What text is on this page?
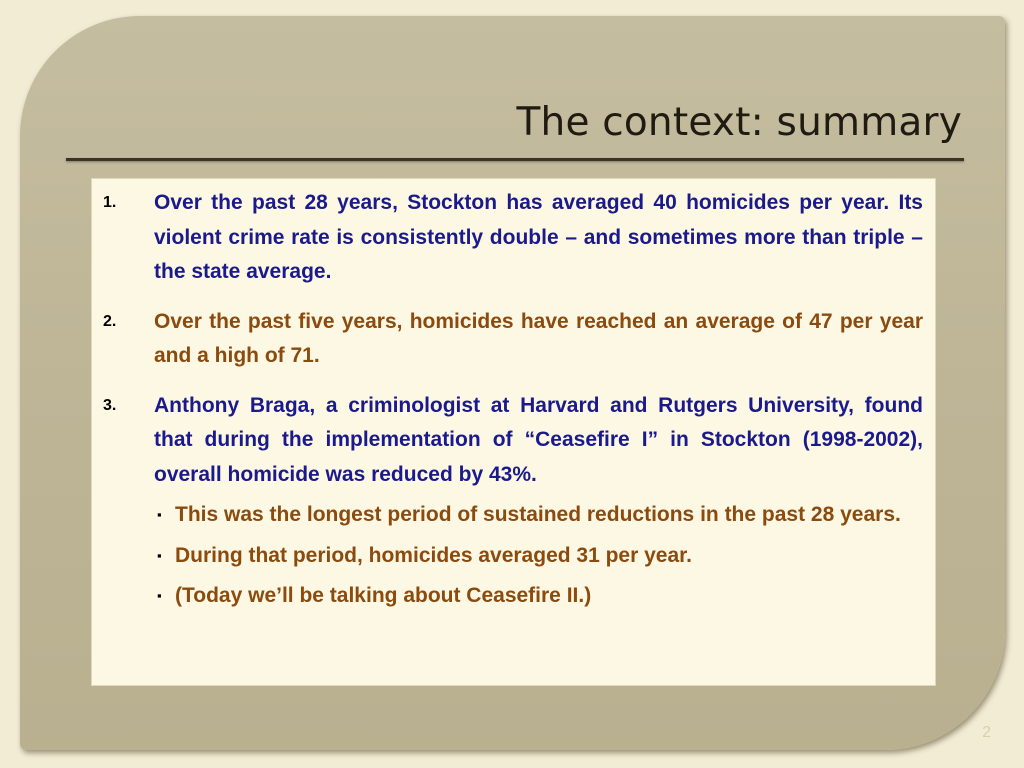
2
The context: summary
1. Over the past 28 years, Stockton has averaged 40 homicides per year. Its violent crime rate is consistently double – and sometimes more than triple – the state average.
2. Over the past five years, homicides have reached an average of 47 per year and a high of 71.
3. Anthony Braga, a criminologist at Harvard and Rutgers University, found that during the implementation of “Ceasefire I” in Stockton (1998-2002), overall homicide was reduced by 43%.
▪ This was the longest period of sustained reductions in the past 28 years.
▪ During that period, homicides averaged 31 per year.
▪ (Today we’ll be talking about Ceasefire II.)
